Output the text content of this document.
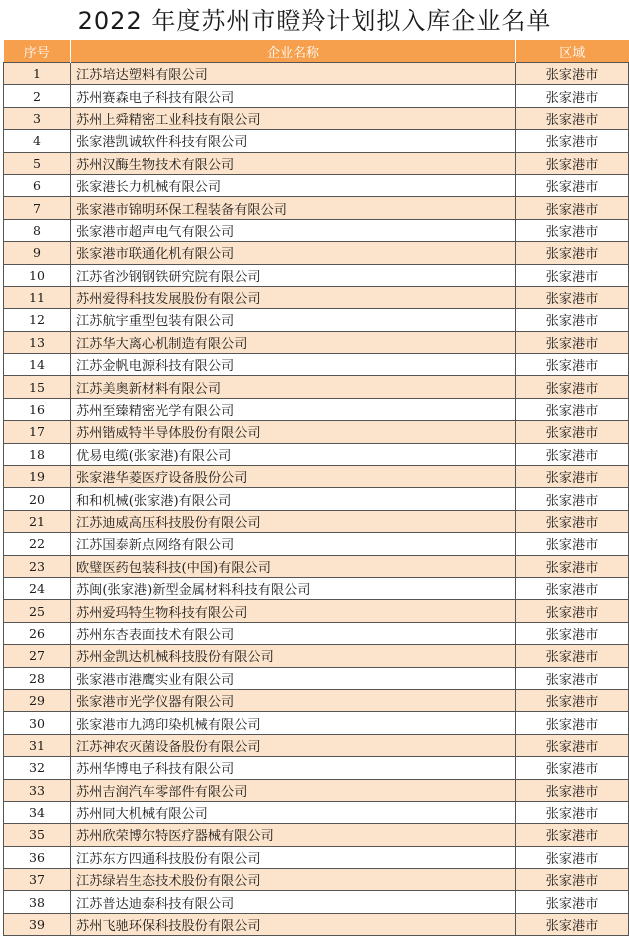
2022 年度苏州市瞪羚计划拟入库企业名单
序号	企业名称	区域
1	江苏培达塑料有限公司	张家港市
2	苏州赛森电子科技有限公司	张家港市
3	苏州上舜精密工业科技有限公司	张家港市
4	张家港凯诚软件科技有限公司	张家港市
5	苏州汉酶生物技术有限公司	张家港市
6	张家港长力机械有限公司	张家港市
7	张家港市锦明环保工程装备有限公司	张家港市
8	张家港市超声电气有限公司	张家港市
9	张家港市联通化机有限公司	张家港市
10	江苏省沙钢钢铁研究院有限公司	张家港市
11	苏州爱得科技发展股份有限公司	张家港市
12	江苏航宇重型包装有限公司	张家港市
13	江苏华大离心机制造有限公司	张家港市
14	江苏金帆电源科技有限公司	张家港市
15	江苏美奥新材料有限公司	张家港市
16	苏州至臻精密光学有限公司	张家港市
17	苏州锴威特半导体股份有限公司	张家港市
18	优易电缆(张家港)有限公司	张家港市
19	张家港华菱医疗设备股份公司	张家港市
20	和和机械(张家港)有限公司	张家港市
21	江苏迪威高压科技股份有限公司	张家港市
22	江苏国泰新点网络有限公司	张家港市
23	欧璧医药包装科技(中国)有限公司	张家港市
24	苏闽(张家港)新型金属材料科技有限公司	张家港市
25	苏州爱玛特生物科技有限公司	张家港市
26	苏州东杏表面技术有限公司	张家港市
27	苏州金凯达机械科技股份有限公司	张家港市
28	张家港市港鹰实业有限公司	张家港市
29	张家港市光学仪器有限公司	张家港市
30	张家港市九鸿印染机械有限公司	张家港市
31	江苏神农灭菌设备股份有限公司	张家港市
32	苏州华博电子科技有限公司	张家港市
33	苏州吉润汽车零部件有限公司	张家港市
34	苏州同大机械有限公司	张家港市
35	苏州欣荣博尔特医疗器械有限公司	张家港市
36	江苏东方四通科技股份有限公司	张家港市
37	江苏绿岩生态技术股份有限公司	张家港市
38	江苏普达迪泰科技有限公司	张家港市
39	苏州飞驰环保科技股份有限公司	张家港市
